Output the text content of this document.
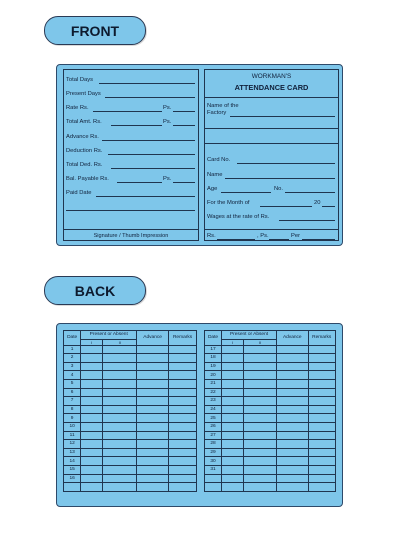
FRONT
Total Days
Present Days
Rate Rs.	Ps.
Total Amt. Rs.	Ps.
Advance Rs.
Deduction Rs.
Total Ded. Rs.
Bal. Payable Rs.	Ps.
Paid Date
Signature / Thumb Impression
WORKMAN'S
ATTENDANCE CARD
Name of the
Factory
Card No.
Name
Age	No.
For the Month of	20
Wages at the rate of Rs.
Rs.	, Ps.	Per
BACK
Date	Present or Absent		Advance	Remarks
	I	II		
1				
2				
3				
4				
5				
6				
7				
8				
9				
10				
11				
12				
13				
14				
15				
16				

Date	Present or Absent		Advance	Remarks
	I	II		
17				
18				
19				
20				
21				
22				
23				
24				
25				
26				
27				
28				
29				
30				
31				
